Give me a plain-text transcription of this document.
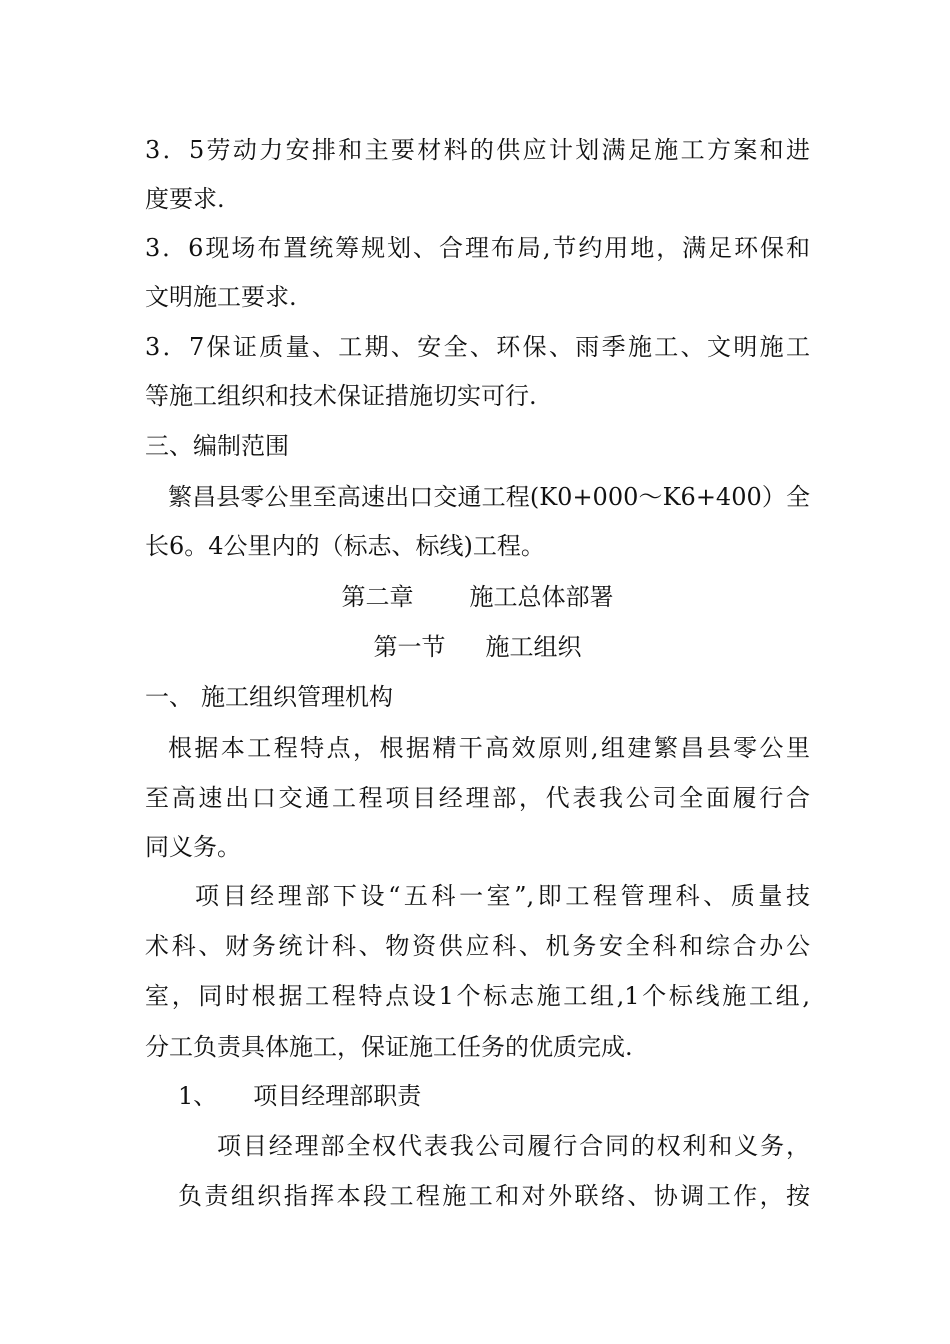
3．5劳动力安排和主要材料的供应计划满足施工方案和进
度要求.
3．6现场布置统筹规划、合理布局,节约用地，满足环保和
文明施工要求.
3．7保证质量、工期、安全、环保、雨季施工、文明施工
等施工组织和技术保证措施切实可行.
三、编制范围
繁昌县零公里至高速出口交通工程(K0+000～K6+400）全
长6。4公里内的（标志、标线)工程。
第二章 施工总体部署
第一节 施工组织
一、 施工组织管理机构
根据本工程特点，根据精干高效原则,组建繁昌县零公里
至高速出口交通工程项目经理部，代表我公司全面履行合
同义务。
项目经理部下设“五科一室”,即工程管理科、质量技
术科、财务统计科、物资供应科、机务安全科和综合办公
室，同时根据工程特点设1个标志施工组,1个标线施工组,
分工负责具体施工，保证施工任务的优质完成.
1、 项目经理部职责
项目经理部全权代表我公司履行合同的权利和义务，
负责组织指挥本段工程施工和对外联络、协调工作，按
